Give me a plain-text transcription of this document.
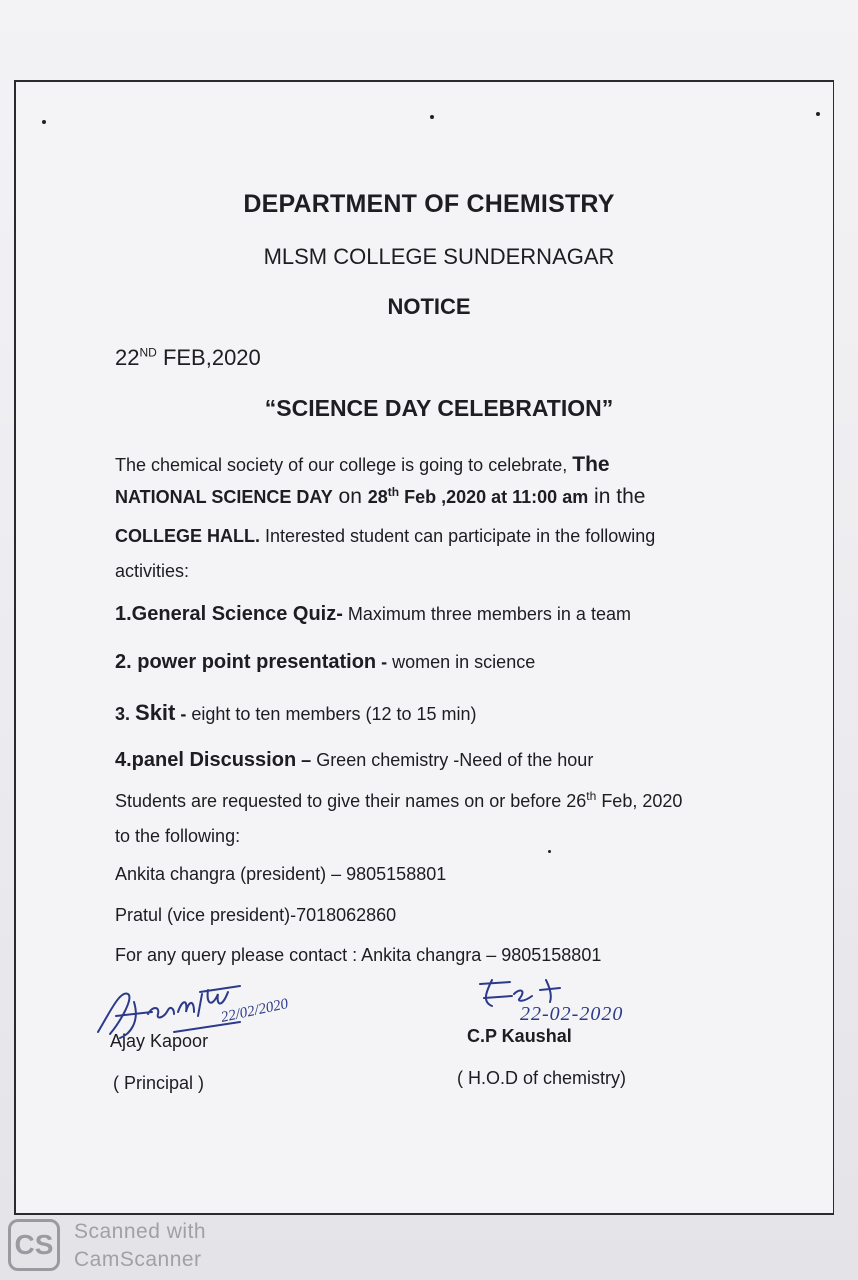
DEPARTMENT OF CHEMISTRY
MLSM COLLEGE SUNDERNAGAR
NOTICE
22ND FEB,2020
“SCIENCE DAY CELEBRATION”
The chemical society of our college is going to celebrate, The
NATIONAL SCIENCE DAY on 28th Feb ,2020 at 11:00 am in the
COLLEGE HALL. Interested student can participate in the following
activities:
1.General Science Quiz- Maximum three members in a team
2. power point presentation - women in science
3. Skit - eight to ten members (12 to 15 min)
4.panel Discussion – Green chemistry -Need of the hour
Students are requested to give their names on or before 26th Feb, 2020
to the following:
Ankita changra (president) – 9805158801
Pratul (vice president)-7018062860
For any query please contact : Ankita changra – 9805158801
22/02/2020
Ajay Kapoor
( Principal )
22-02-2020
C.P Kaushal
( H.O.D of chemistry)
CS Scanned with
CamScanner
